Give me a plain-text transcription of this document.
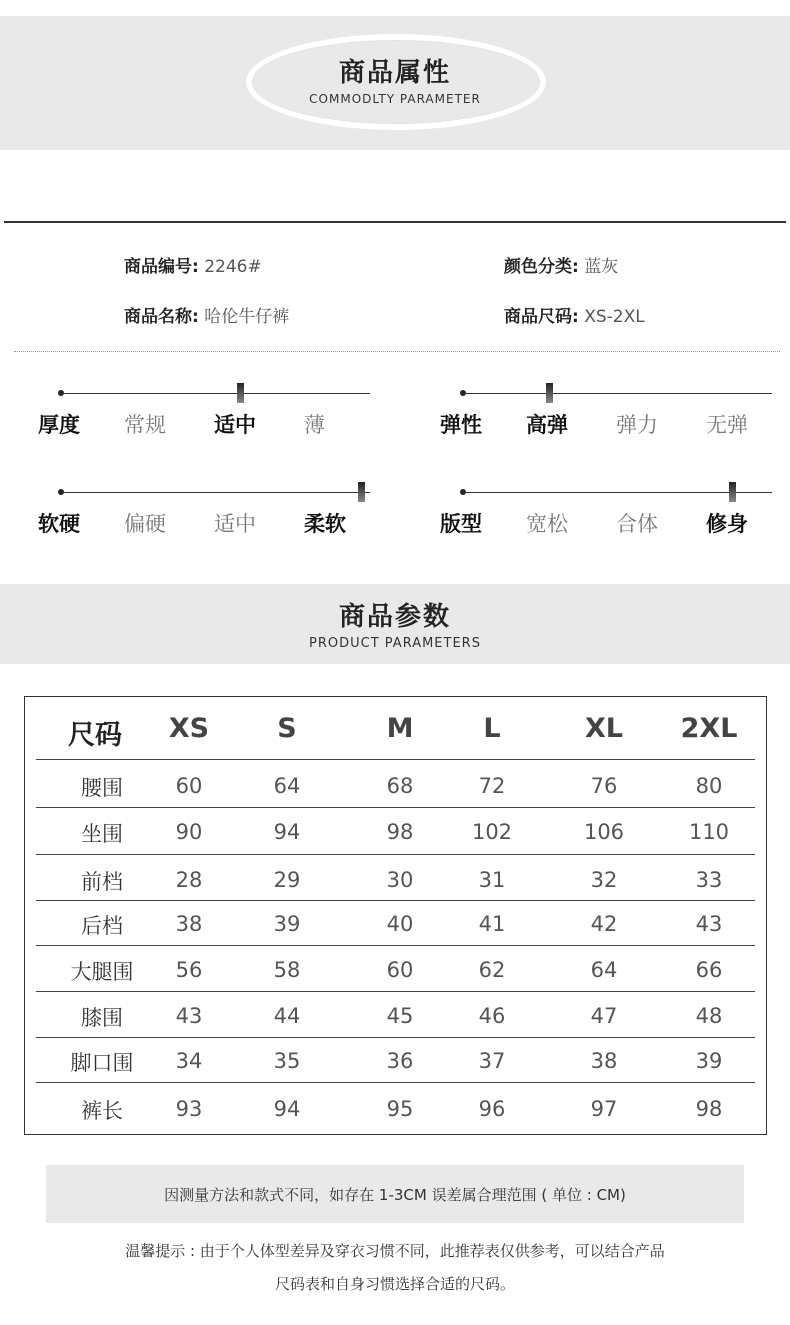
商品属性
COMMODLTY PARAMETER
商品编号: 2246#	颜色分类: 蓝灰
商品名称: 哈伦牛仔裤	商品尺码: XS-2XL
厚度 常规 适中 薄	弹性 高弹 弹力 无弹
软硬 偏硬 适中 柔软	版型 宽松 合体 修身
商品参数
PRODUCT PARAMETERS
尺码	XS	S	M	L	XL	2XL
腰围	60	64	68	72	76	80
坐围	90	94	98	102	106	110
前档	28	29	30	31	32	33
后档	38	39	40	41	42	43
大腿围	56	58	60	62	64	66
膝围	43	44	45	46	47	48
脚口围	34	35	36	37	38	39
裤长	93	94	95	96	97	98
因测量方法和款式不同，如存在 1-3CM 误差属合理范围 ( 单位 : CM)
温馨提示 : 由于个人体型差异及穿衣习惯不同，此推荐表仅供参考，可以结合产品
尺码表和自身习惯选择合适的尺码。
